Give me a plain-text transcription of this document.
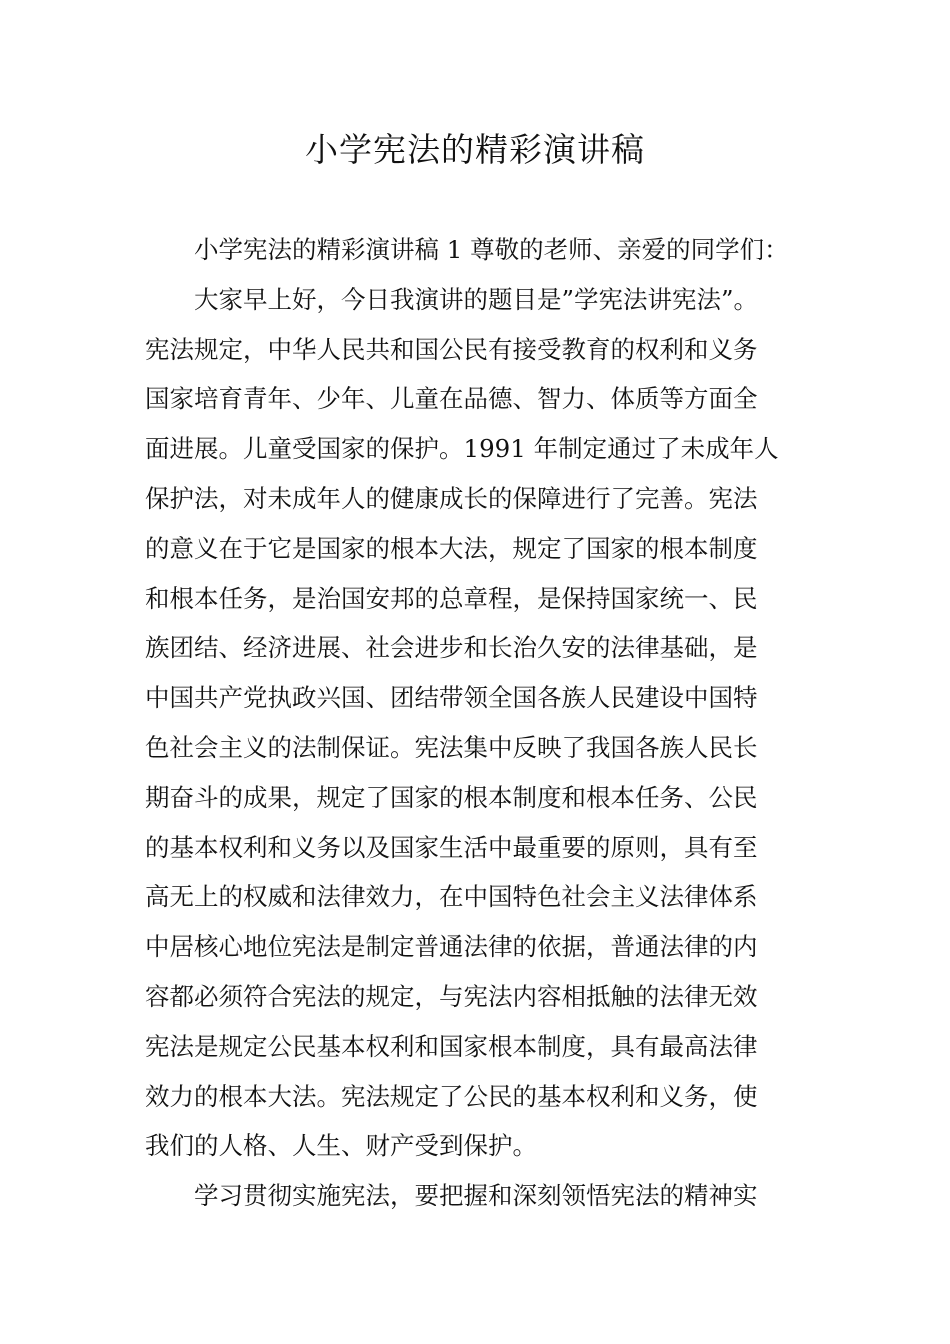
小学宪法的精彩演讲稿
小学宪法的精彩演讲稿 1 尊敬的老师、亲爱的同学们：
大家早上好，今日我演讲的题目是”学宪法讲宪法”。
宪法规定，中华人民共和国公民有接受教育的权利和义务
国家培育青年、少年、儿童在品德、智力、体质等方面全
面进展。儿童受国家的保护。1991 年制定通过了未成年人
保护法，对未成年人的健康成长的保障进行了完善。宪法
的意义在于它是国家的根本大法，规定了国家的根本制度
和根本任务，是治国安邦的总章程，是保持国家统一、民
族团结、经济进展、社会进步和长治久安的法律基础，是
中国共产党执政兴国、团结带领全国各族人民建设中国特
色社会主义的法制保证。宪法集中反映了我国各族人民长
期奋斗的成果，规定了国家的根本制度和根本任务、公民
的基本权利和义务以及国家生活中最重要的原则，具有至
高无上的权威和法律效力，在中国特色社会主义法律体系
中居核心地位宪法是制定普通法律的依据，普通法律的内
容都必须符合宪法的规定，与宪法内容相抵触的法律无效
宪法是规定公民基本权利和国家根本制度，具有最高法律
效力的根本大法。宪法规定了公民的基本权利和义务，使
我们的人格、人生、财产受到保护。
学习贯彻实施宪法，要把握和深刻领悟宪法的精神实
